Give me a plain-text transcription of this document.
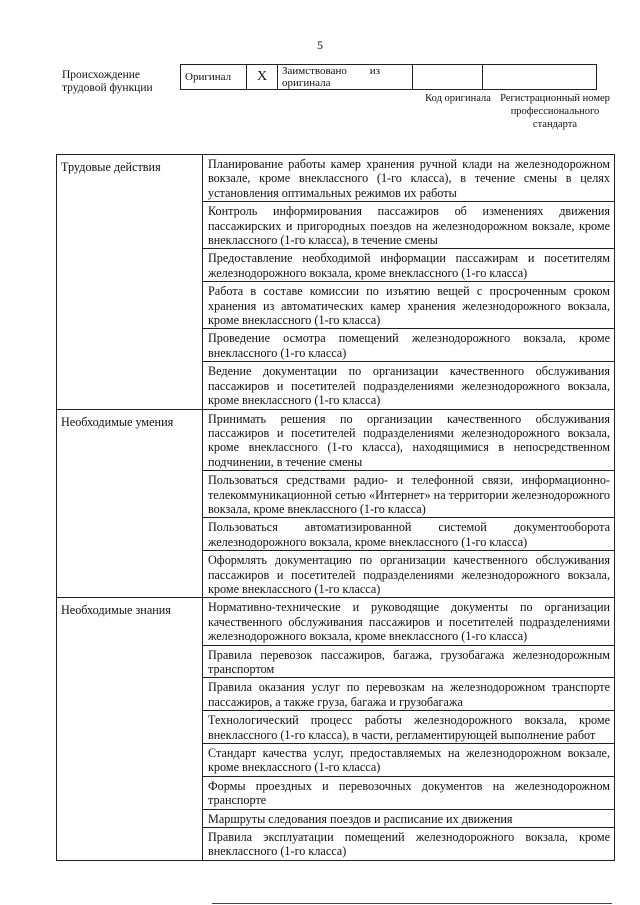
5
Происхождение трудовой функции
Оригинал	X	Заимствовано из
оригинала

Код оригинала Регистрационный номер профессионального стандарта
Трудовые действия	Планирование работы камер хранения ручной клади на железнодорожном вокзале, кроме внеклассного (1-го класса), в течение смены в целях установления оптимальных режимов их работы
	Контроль информирования пассажиров об изменениях движения пассажирских и пригородных поездов на железнодорожном вокзале, кроме внеклассного (1-го класса), в течение смены
	Предоставление необходимой информации пассажирам и посетителям железнодорожного вокзала, кроме внеклассного (1-го класса)
	Работа в составе комиссии по изъятию вещей с просроченным сроком хранения из автоматических камер хранения железнодорожного вокзала, кроме внеклассного (1-го класса)
	Проведение осмотра помещений железнодорожного вокзала, кроме внеклассного (1-го класса)
	Ведение документации по организации качественного обслуживания пассажиров и посетителей подразделениями железнодорожного вокзала, кроме внеклассного (1-го класса)
Необходимые умения	Принимать решения по организации качественного обслуживания пассажиров и посетителей подразделениями железнодорожного вокзала, кроме внеклассного (1-го класса), находящимися в непосредственном подчинении, в течение смены
	Пользоваться средствами радио- и телефонной связи, информационно-телекоммуникационной сетью «Интернет» на территории железнодорожного вокзала, кроме внеклассного (1-го класса)
	Пользоваться автоматизированной системой документооборота железнодорожного вокзала, кроме внеклассного (1-го класса)
	Оформлять документацию по организации качественного обслуживания пассажиров и посетителей подразделениями железнодорожного вокзала, кроме внеклассного (1-го класса)
Необходимые знания	Нормативно-технические и руководящие документы по организации качественного обслуживания пассажиров и посетителей подразделениями железнодорожного вокзала, кроме внеклассного (1-го класса)
	Правила перевозок пассажиров, багажа, грузобагажа железнодорожным транспортом
	Правила оказания услуг по перевозкам на железнодорожном транспорте пассажиров, а также груза, багажа и грузобагажа
	Технологический процесс работы железнодорожного вокзала, кроме внеклассного (1-го класса), в части, регламентирующей выполнение работ
	Стандарт качества услуг, предоставляемых на железнодорожном вокзале, кроме внеклассного (1-го класса)
	Формы проездных и перевозочных документов на железнодорожном транспорте
	Маршруты следования поездов и расписание их движения
	Правила эксплуатации помещений железнодорожного вокзала, кроме внеклассного (1-го класса)
